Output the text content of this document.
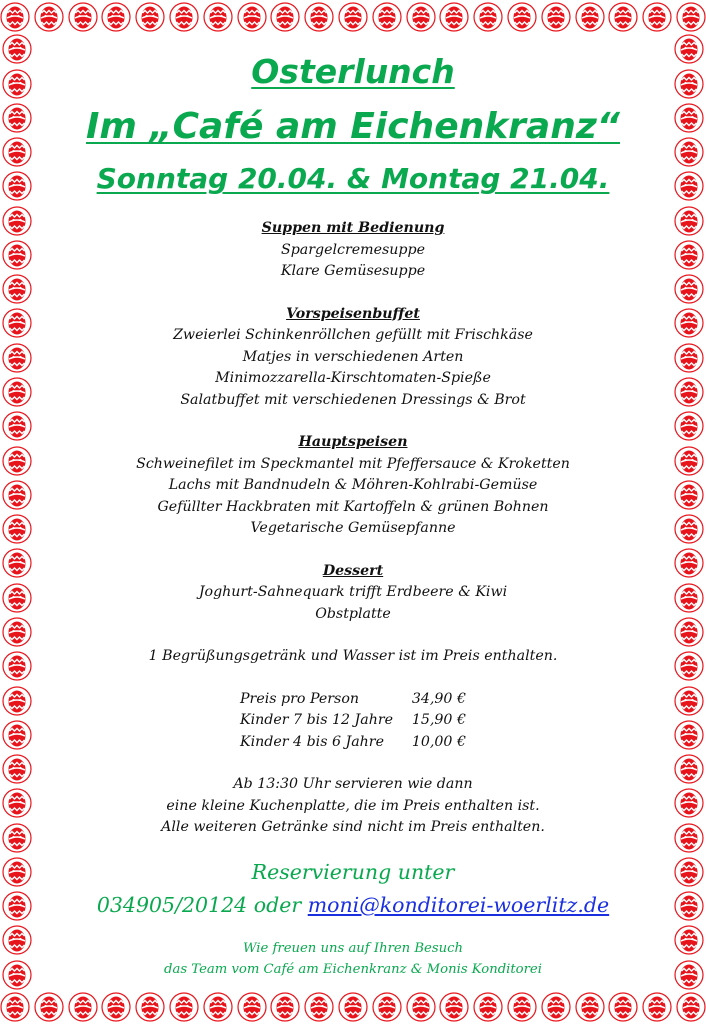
Osterlunch
Im „Café am Eichenkranz“
Sonntag 20.04. & Montag 21.04.
Suppen mit Bedienung
Spargelcremesuppe
Klare Gemüsesuppe
Vorspeisenbuffet
Zweierlei Schinkenröllchen gefüllt mit Frischkäse
Matjes in verschiedenen Arten
Minimozzarella-Kirschtomaten-Spieße
Salatbuffet mit verschiedenen Dressings & Brot
Hauptspeisen
Schweinefilet im Speckmantel mit Pfeffersauce & Kroketten
Lachs mit Bandnudeln & Möhren-Kohlrabi-Gemüse
Gefüllter Hackbraten mit Kartoffeln & grünen Bohnen
Vegetarische Gemüsepfanne
Dessert
Joghurt-Sahnequark trifft Erdbeere & Kiwi
Obstplatte
1 Begrüßungsgetränk und Wasser ist im Preis enthalten.
Preis pro Person	34,90 €
Kinder 7 bis 12 Jahre 15,90 €
Kinder 4 bis 6 Jahre 10,00 €
Ab 13:30 Uhr servieren wie dann
eine kleine Kuchenplatte, die im Preis enthalten ist.
Alle weiteren Getränke sind nicht im Preis enthalten.
Reservierung unter
034905/20124 oder moni@konditorei-woerlitz.de
Wie freuen uns auf Ihren Besuch
das Team vom Café am Eichenkranz & Monis Konditorei
